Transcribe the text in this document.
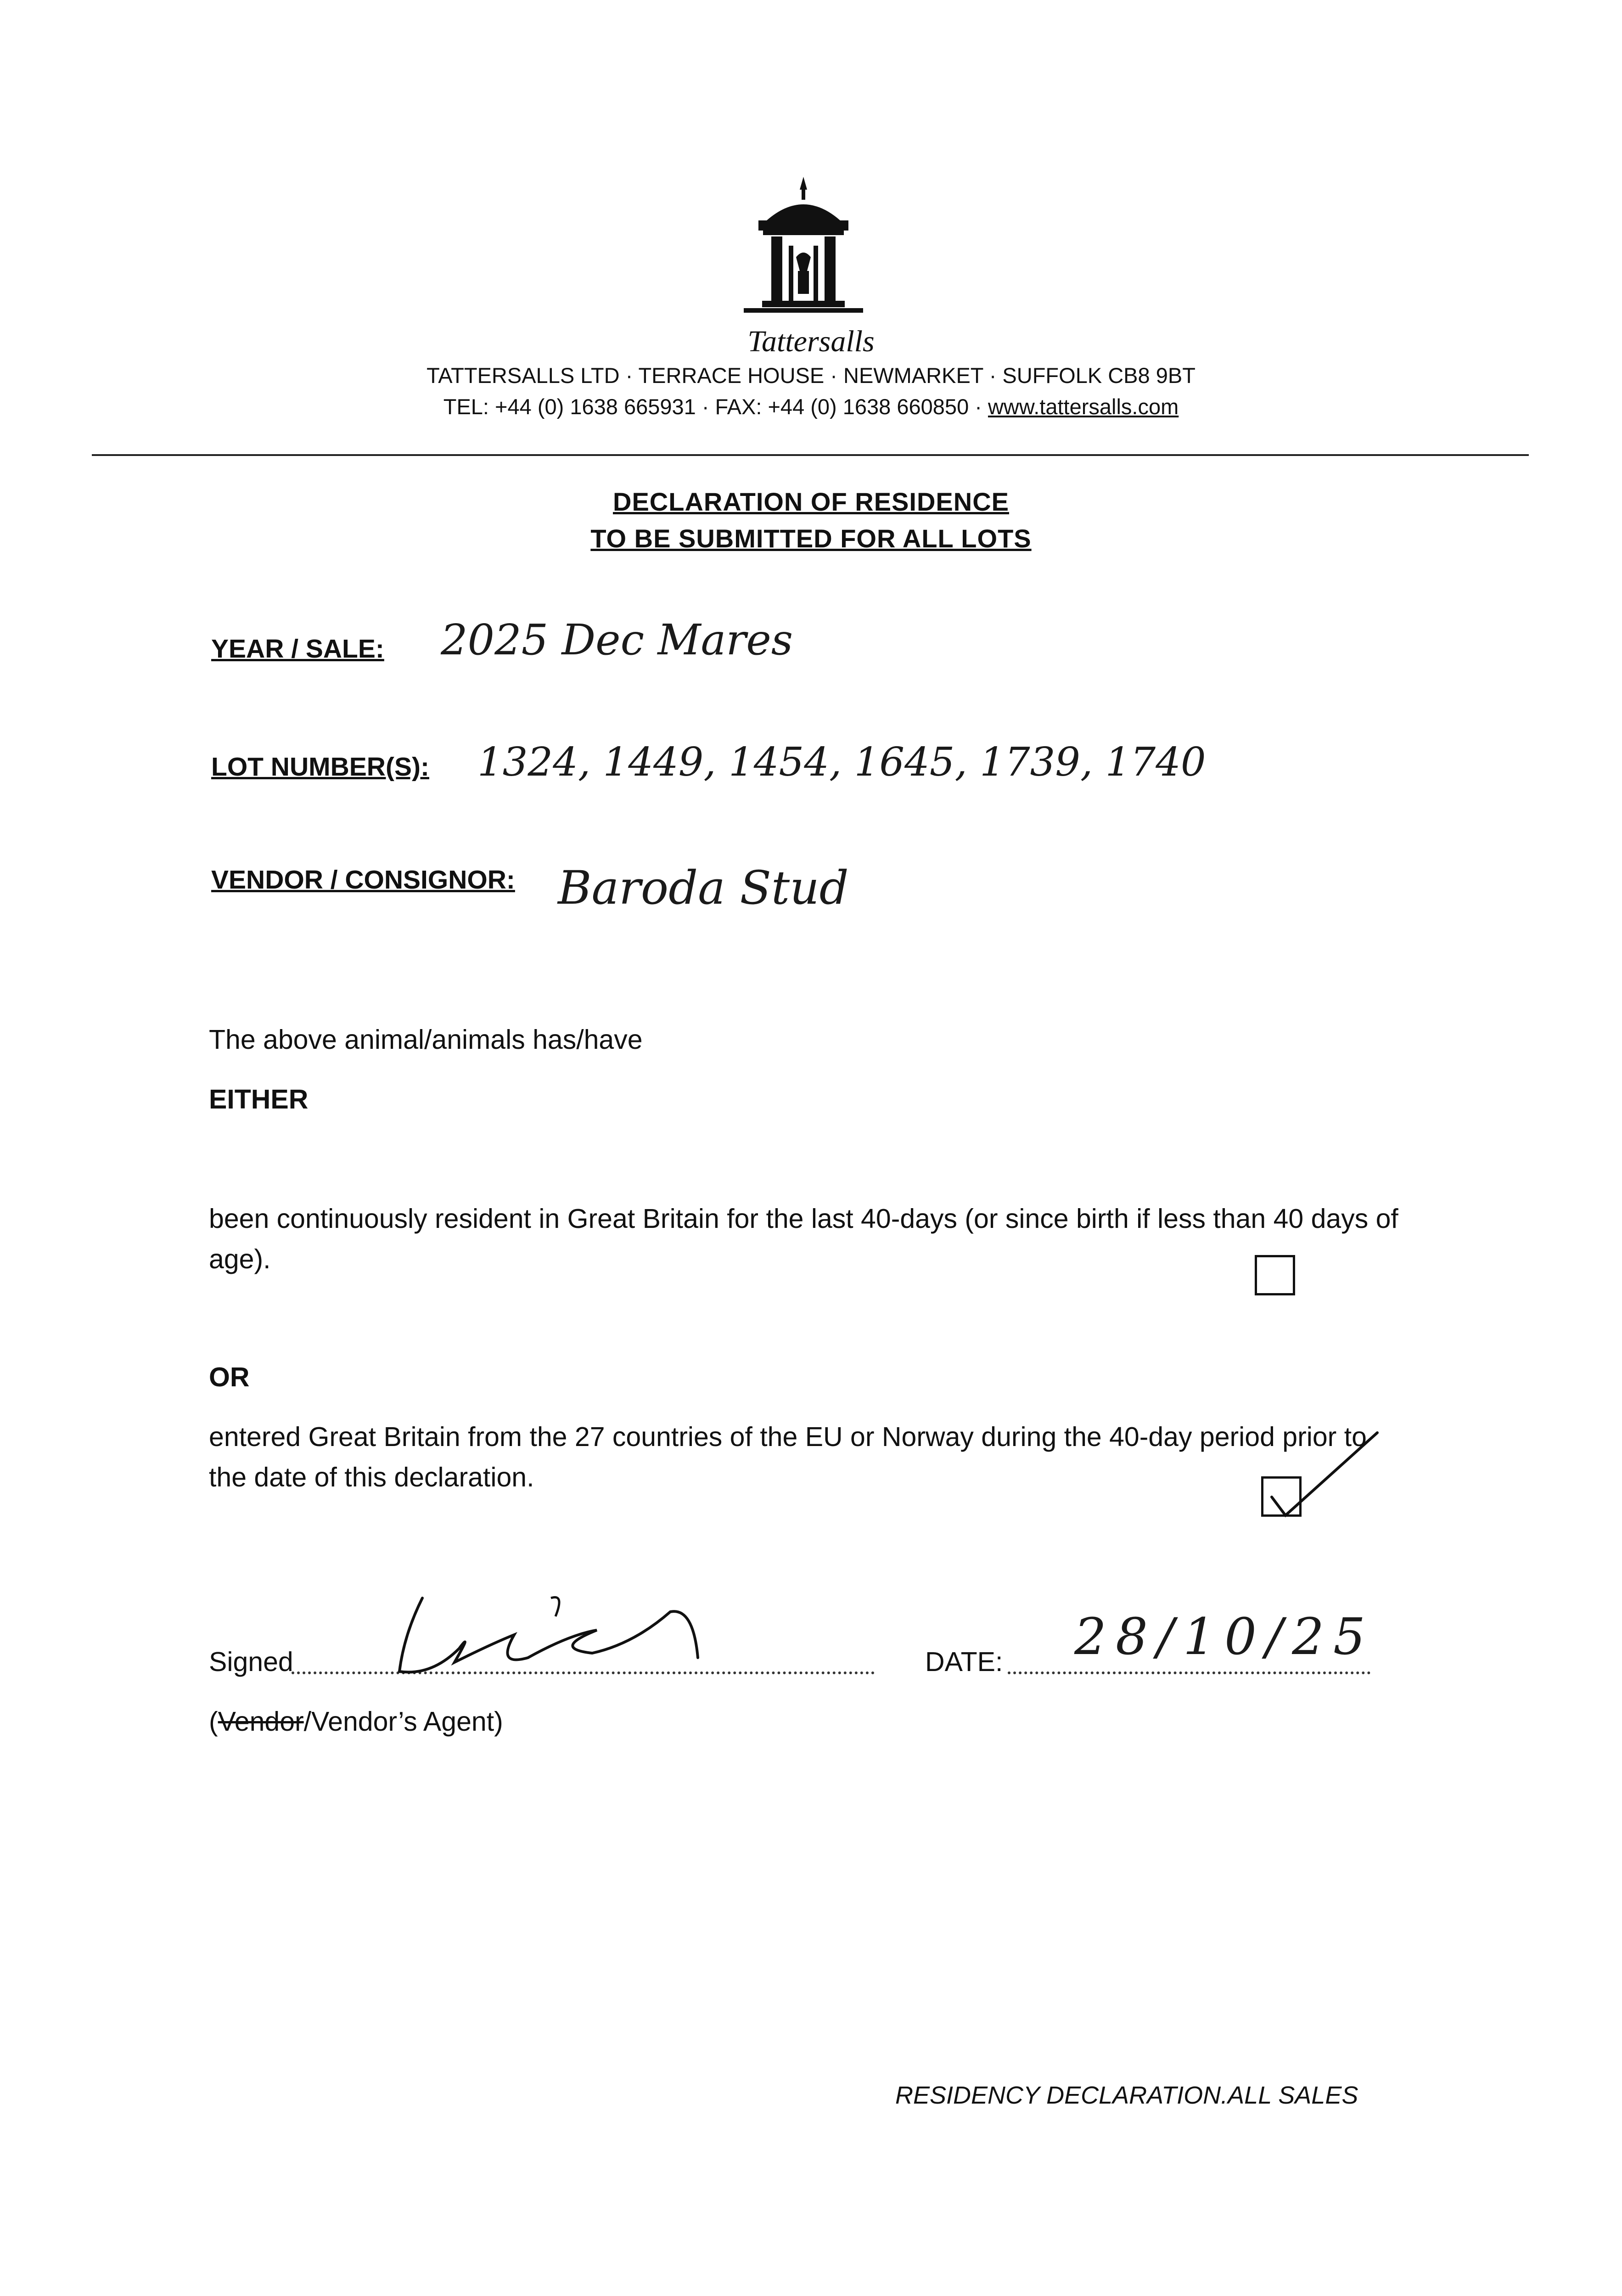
Tattersalls
TATTERSALLS LTD · TERRACE HOUSE · NEWMARKET · SUFFOLK CB8 9BT
TEL: +44 (0) 1638 665931 · FAX: +44 (0) 1638 660850 · www.tattersalls.com
DECLARATION OF RESIDENCE
TO BE SUBMITTED FOR ALL LOTS
YEAR / SALE: 2025 Dec Mares
LOT NUMBER(S): 1324, 1449, 1454, 1645, 1739, 1740
VENDOR / CONSIGNOR: Baroda Stud
The above animal/animals has/have
EITHER
been continuously resident in Great Britain for the last 40-days (or since birth if less than 40 days of age).
OR
entered Great Britain from the 27 countries of the EU or Norway during the 40-day period prior to the date of this declaration.
Signed	DATE: 28/10/25
(Vendor/Vendor’s Agent)
RESIDENCY DECLARATION.ALL SALES
